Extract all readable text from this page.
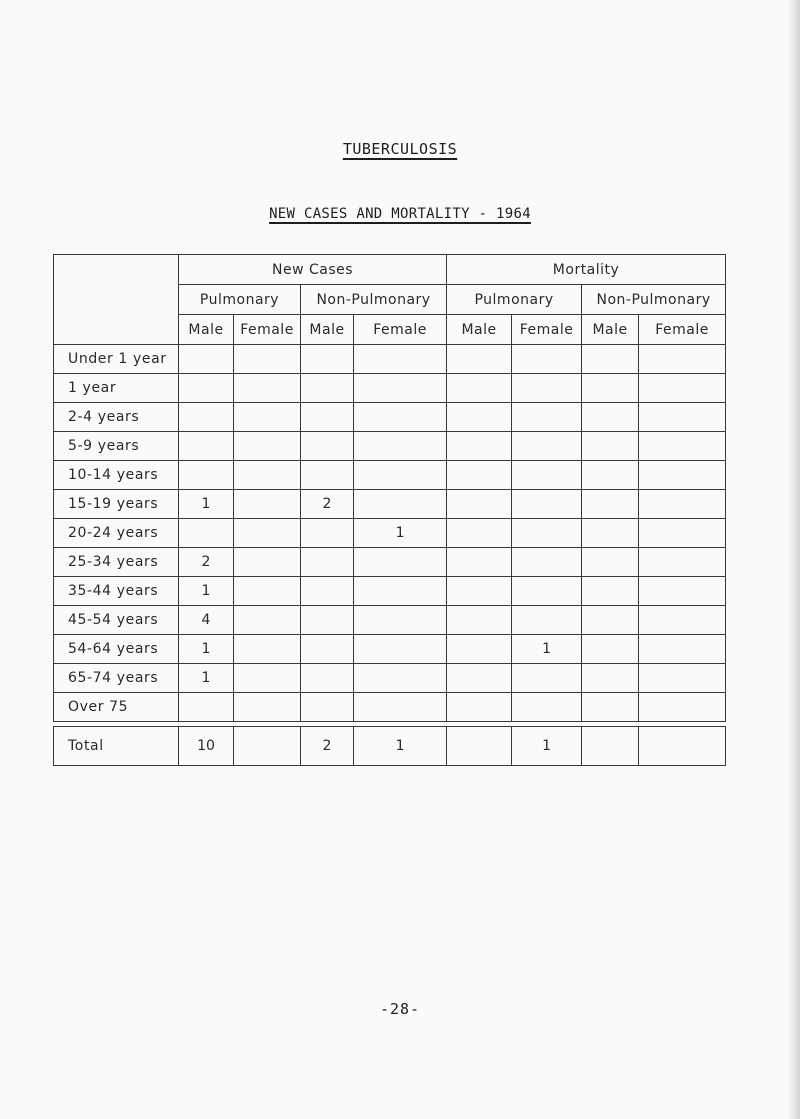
TUBERCULOSIS
NEW CASES AND MORTALITY - 1964
	New Cases				Mortality			
	Pulmonary		Non-Pulmonary		Pulmonary		Non-Pulmonary	
	Male	Female	Male	Female	Male	Female	Male	Female
Under 1 year								
1 year								
2-4 years								
5-9 years								
10-14 years								
15-19 years	1		2					
20-24 years				1				
25-34 years	2							
35-44 years	1							
45-54 years	4							
54-64 years	1					1		
65-74 years	1							
Over 75								

Total	10		2	1		1		
-28-
